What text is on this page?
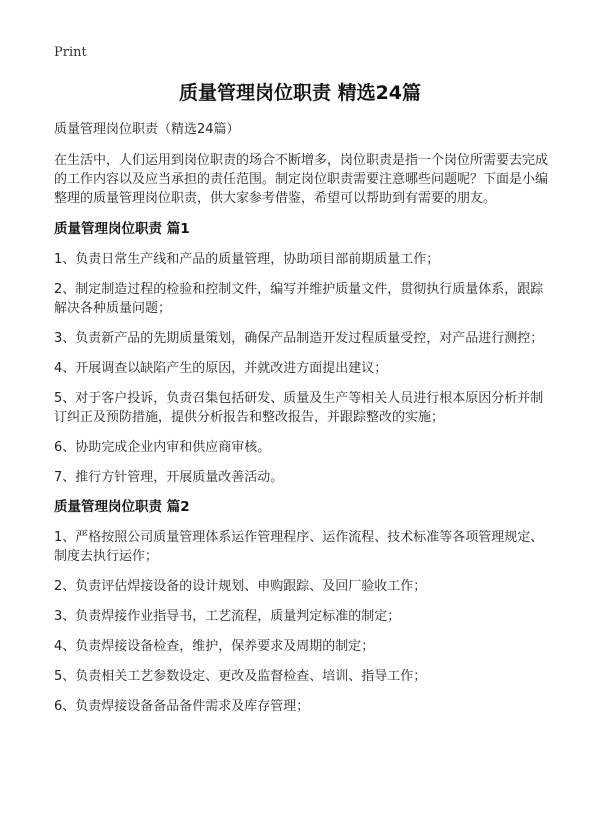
Print
质量管理岗位职责 精选24篇

质量管理岗位职责（精选24篇）

在生活中，人们运用到岗位职责的场合不断增多，岗位职责是指一个岗位所需要去完成的工作内容以及应当承担的责任范围。制定岗位职责需要注意哪些问题呢？下面是小编整理的质量管理岗位职责，供大家参考借鉴，希望可以帮助到有需要的朋友。

质量管理岗位职责 篇1

1、负责日常生产线和产品的质量管理，协助项目部前期质量工作；

2、制定制造过程的检验和控制文件，编写并维护质量文件，贯彻执行质量体系，跟踪解决各种质量问题；

3、负责新产品的先期质量策划，确保产品制造开发过程质量受控，对产品进行测控；

4、开展调查以缺陷产生的原因，并就改进方面提出建议；

5、对于客户投诉，负责召集包括研发、质量及生产等相关人员进行根本原因分析并制订纠正及预防措施，提供分析报告和整改报告，并跟踪整改的实施；

6、协助完成企业内审和供应商审核。

7、推行方针管理，开展质量改善活动。

质量管理岗位职责 篇2

1、严格按照公司质量管理体系运作管理程序、运作流程、技术标准等各项管理规定、制度去执行运作；

2、负责评估焊接设备的设计规划、申购跟踪、及回厂验收工作；

3、负责焊接作业指导书，工艺流程，质量判定标准的制定；

4、负责焊接设备检查，维护，保养要求及周期的制定；

5、负责相关工艺参数设定、更改及监督检查、培训、指导工作；

6、负责焊接设备备品备件需求及库存管理；
